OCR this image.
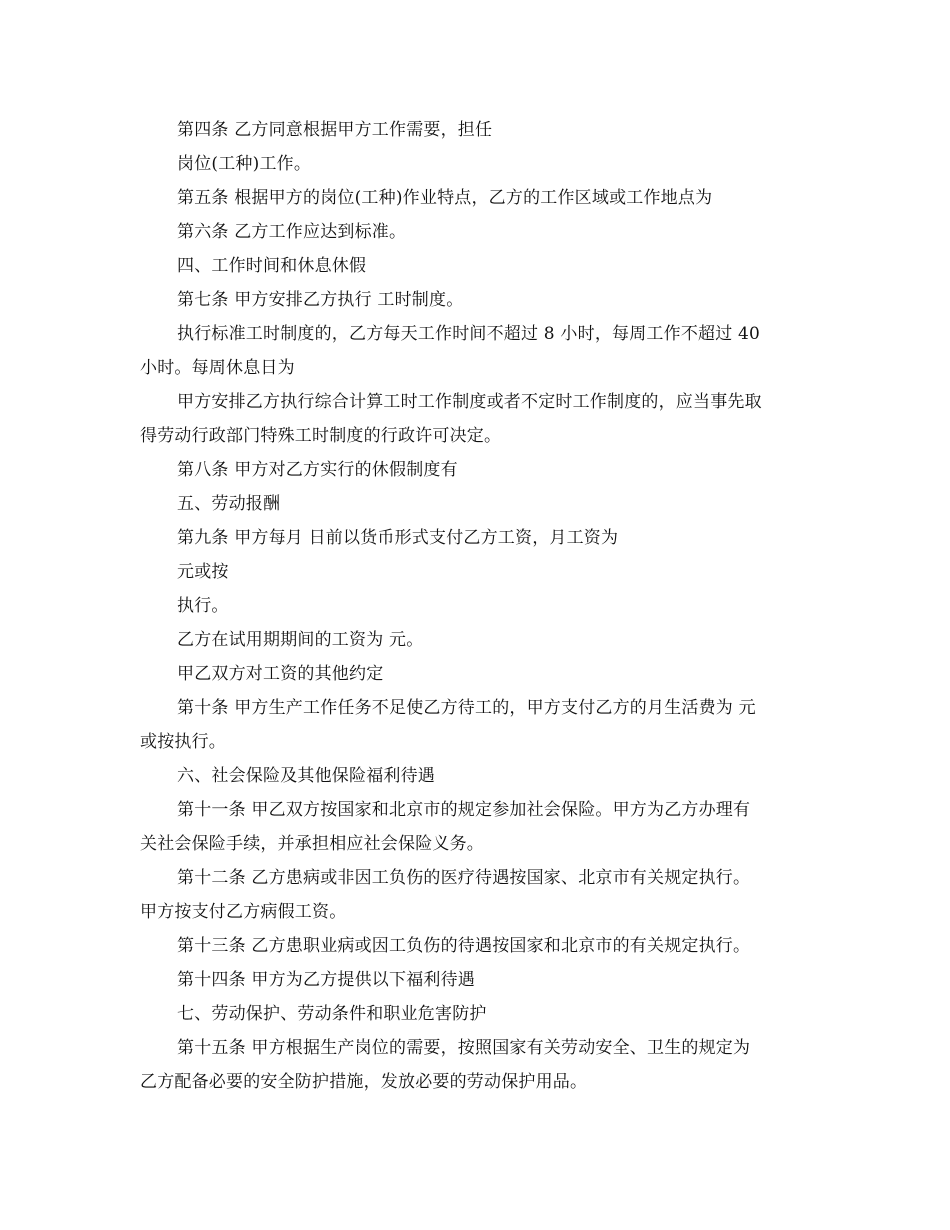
第四条 乙方同意根据甲方工作需要，担任
岗位(工种)工作。
第五条 根据甲方的岗位(工种)作业特点，乙方的工作区域或工作地点为
第六条 乙方工作应达到标准。
四、工作时间和休息休假
第七条 甲方安排乙方执行 工时制度。
执行标准工时制度的，乙方每天工作时间不超过 8 小时，每周工作不超过 40
小时。每周休息日为
甲方安排乙方执行综合计算工时工作制度或者不定时工作制度的，应当事先取
得劳动行政部门特殊工时制度的行政许可决定。
第八条 甲方对乙方实行的休假制度有
五、劳动报酬
第九条 甲方每月 日前以货币形式支付乙方工资，月工资为
元或按
执行。
乙方在试用期期间的工资为 元。
甲乙双方对工资的其他约定
第十条 甲方生产工作任务不足使乙方待工的，甲方支付乙方的月生活费为 元
或按执行。
六、社会保险及其他保险福利待遇
第十一条 甲乙双方按国家和北京市的规定参加社会保险。甲方为乙方办理有
关社会保险手续，并承担相应社会保险义务。
第十二条 乙方患病或非因工负伤的医疗待遇按国家、北京市有关规定执行。
甲方按支付乙方病假工资。
第十三条 乙方患职业病或因工负伤的待遇按国家和北京市的有关规定执行。
第十四条 甲方为乙方提供以下福利待遇
七、劳动保护、劳动条件和职业危害防护
第十五条 甲方根据生产岗位的需要，按照国家有关劳动安全、卫生的规定为
乙方配备必要的安全防护措施，发放必要的劳动保护用品。
